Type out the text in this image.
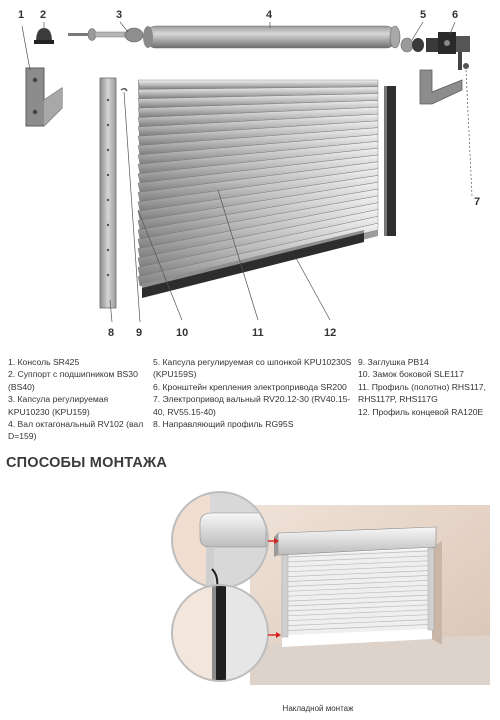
1 2	3	4	5 6
7
8 9	10	11	12
1. Консоль SR425
2. Суппорт с подшипником BS30 (BS40)
3. Капсула регулируемая KPU10230 (KPU159)
4. Вал октагональный RV102 (вал D=159)
5. Капсула регулируемая со шпонкой KPU10230S (KPU159S)
6. Кронштейн крепления электропривода SR200
7. Электропривод вальный RV20.12-30 (RV40.15-40, RV55.15-40)
8. Направляющий профиль RG95S
9. Заглушка PB14
10. Замок боковой SLE117
11. Профиль (полотно) RHS117, RHS117P, RHS117G
12. Профиль концевой RA120E
СПОСОБЫ МОНТАЖА
Накладной монтаж
